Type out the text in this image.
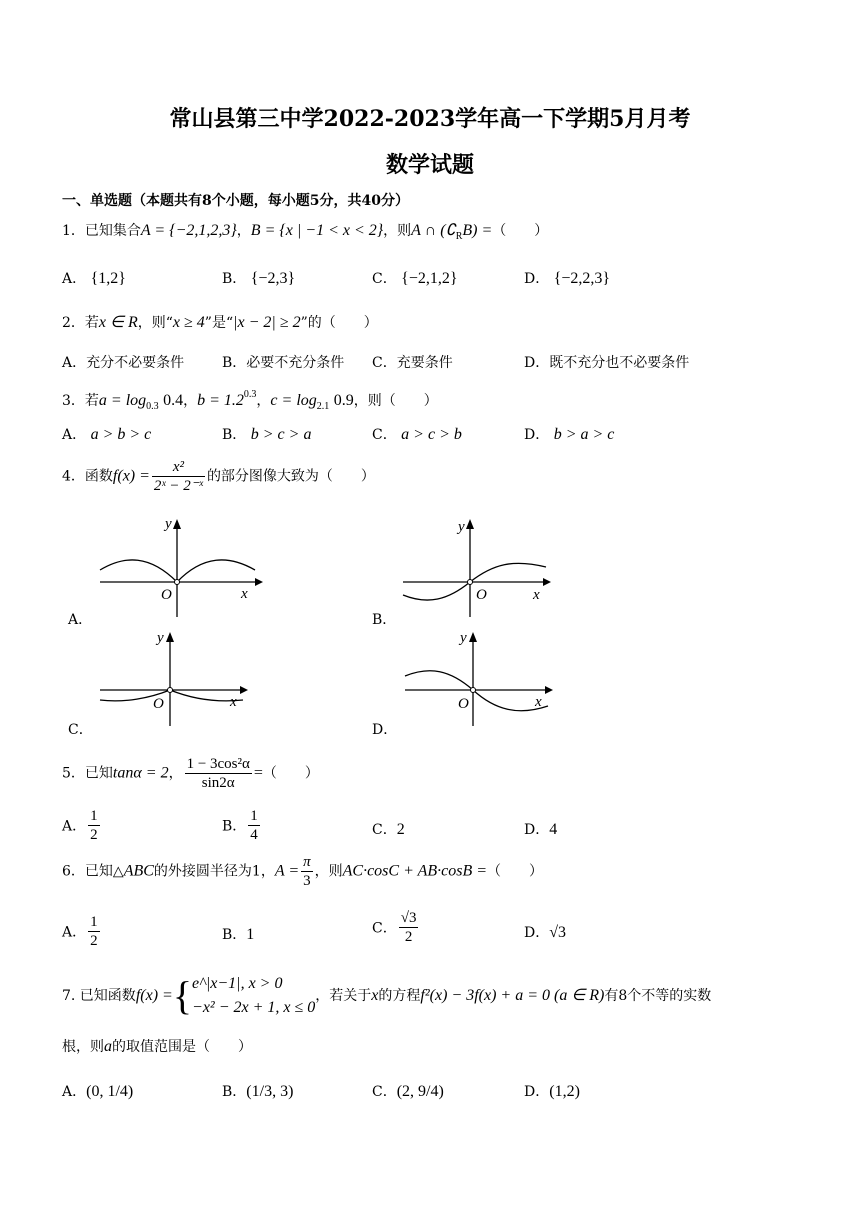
常山县第三中学2022-2023学年高一下学期5月月考
数学试题
一、单选题（本题共有8个小题，每小题5分，共40分）
1．已知集合A = {−2,1,2,3}，B = {x | −1 < x < 2}，则A ∩ $(∁_RB)$ =（　　）
A． {1,2}	B． {−2,3}	C． {−2,1,2}	D． {−2,2,3}
2．若x ∈ R，则“x ≥ 4”是“|x − 2| ≥ 2”的（　　）
A．充分不必要条件	B．必要不充分条件 C．充要条件	D．既不充分也不必要条件
3．若$a = \log_{0.3} 0.4$，$b = 1.2^{0.3}$，$c = \log_{2.1} 0.9$，则（　　）
A． a > b > c	B． b > c > a	C． a > c > b	D． b > a > c
4．函数$f(x) = \frac{\text{x²}}{\text{2ˣ − 2⁻ˣ}}$ 的部分图像大致为（　　）
y
x
O
A．
y
x
O
B．
y
x
O
C．
y
x
O
D．
5．已知tanα = 2， $\frac{\text{1 − 3cos²α}}{\sin 2\alpha}$ =（　　）
A． $\frac{1}{2}$	B． $\frac{1}{4}$	C．2	D．4
6．已知△ABC的外接圆半径为1，$A = \frac{\pi}{3}$ ，则AC·cosC + AB·cosB =（　　）
A． $\frac{1}{2}$	B．1	C． $\frac{√3}{2}$	D．√3
7. 已知函数f(x) ={ e^|x−1|, x > 0
−x² − 2x + 1, x ≤ 0
，若关于x的方程f²(x) − 3f(x) + a = 0 (a ∈ R)有8个不等的实数
根，则a的取值范围是（　　）
A．(0, 1/4)	B．(1/3, 3)	C．(2, 9/4)	D．(1,2)
